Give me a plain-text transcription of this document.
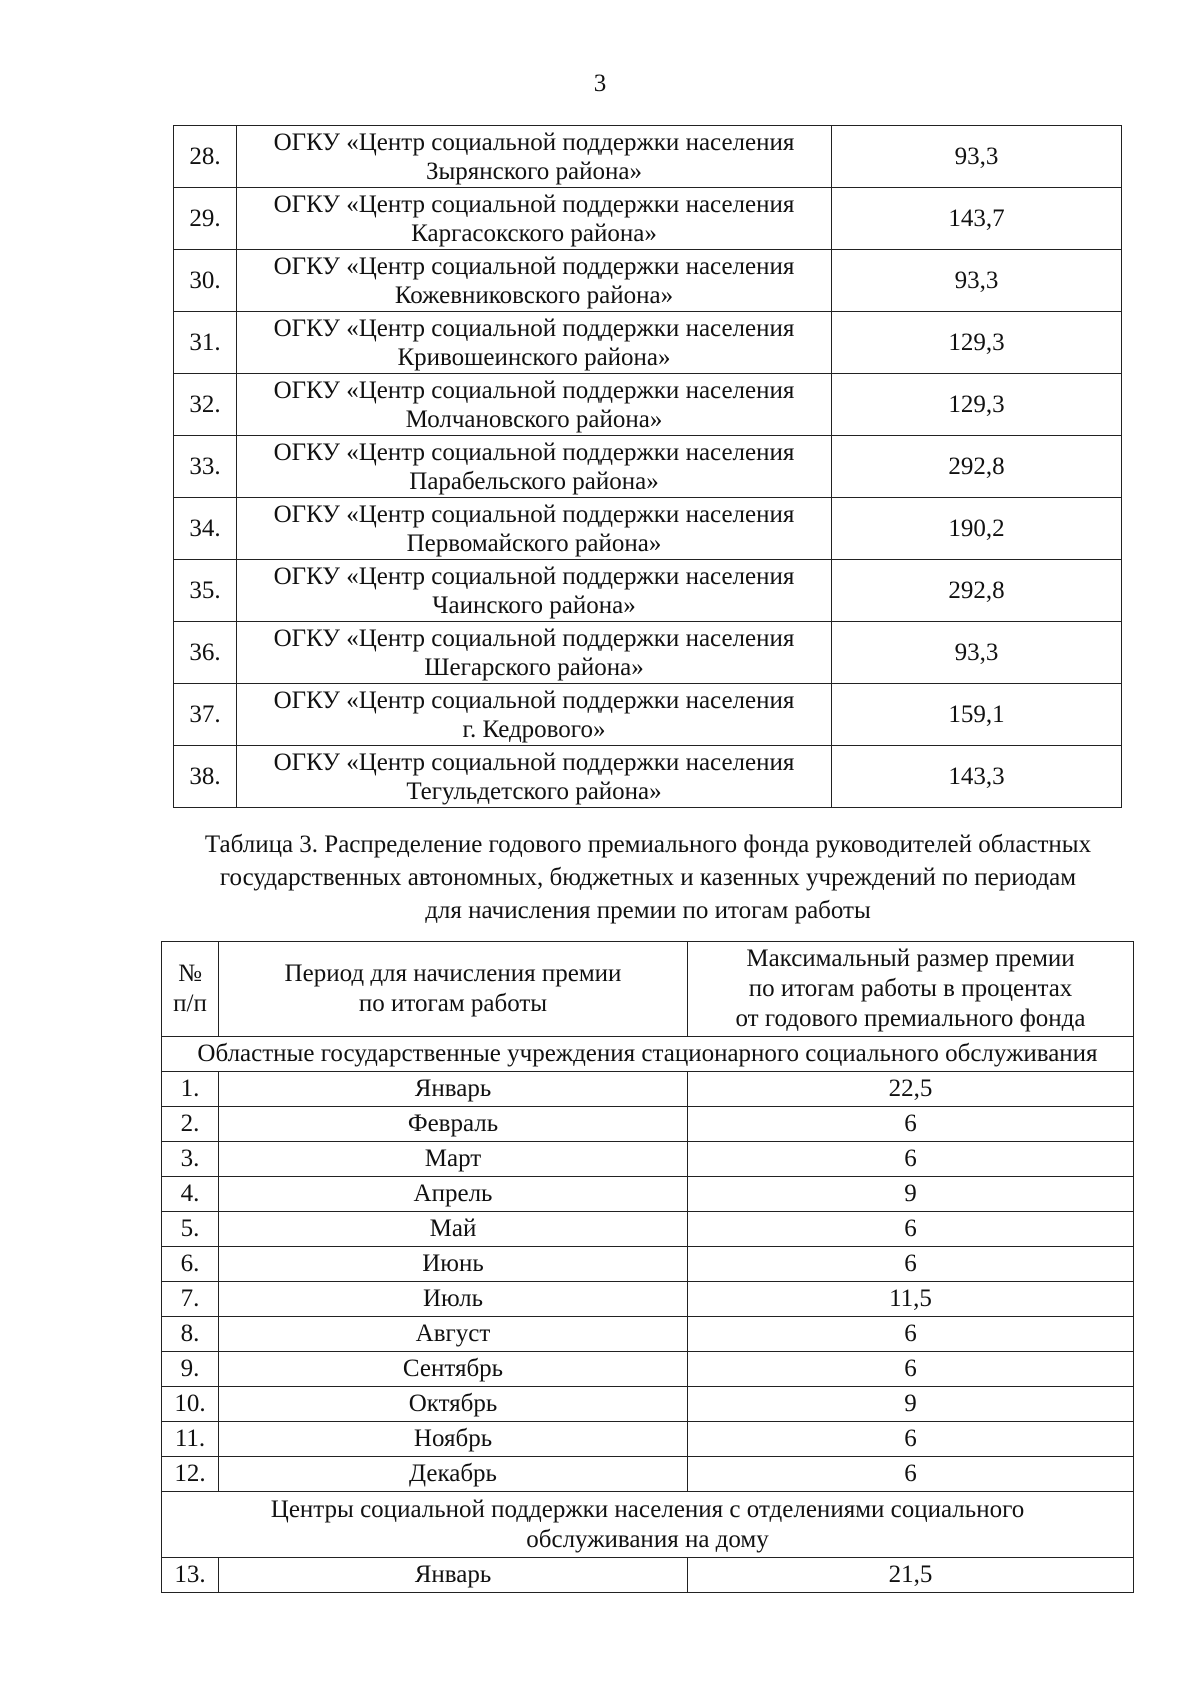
3
28.	ОГКУ «Центр социальной поддержки населения
Зырянского района»	93,3
29.	ОГКУ «Центр социальной поддержки населения
Каргасокского района»	143,7
30.	ОГКУ «Центр социальной поддержки населения
Кожевниковского района»	93,3
31.	ОГКУ «Центр социальной поддержки населения
Кривошеинского района»	129,3
32.	ОГКУ «Центр социальной поддержки населения
Молчановского района»	129,3
33.	ОГКУ «Центр социальной поддержки населения
Парабельского района»	292,8
34.	ОГКУ «Центр социальной поддержки населения
Первомайского района»	190,2
35.	ОГКУ «Центр социальной поддержки населения
Чаинского района»	292,8
36.	ОГКУ «Центр социальной поддержки населения
Шегарского района»	93,3
37.	ОГКУ «Центр социальной поддержки населения
г. Кедрового»	159,1
38.	ОГКУ «Центр социальной поддержки населения
Тегульдетского района»	143,3
Таблица 3. Распределение годового премиального фонда руководителей областных
государственных автономных, бюджетных и казенных учреждений по периодам
для начисления премии по итогам работы
№
п/п	Период для начисления премии
по итогам работы	Максимальный размер премии
по итогам работы в процентах
от годового премиального фонда
Областные государственные учреждения стационарного социального обслуживания		
1.	Январь	22,5
2.	Февраль	6
3.	Март	6
4.	Апрель	9
5.	Май	6
6.	Июнь	6
7.	Июль	11,5
8.	Август	6
9.	Сентябрь	6
10.	Октябрь	9
11.	Ноябрь	6
12.	Декабрь	6
Центры социальной поддержки населения с отделениями социального
обслуживания на дому		
13.	Январь	21,5
